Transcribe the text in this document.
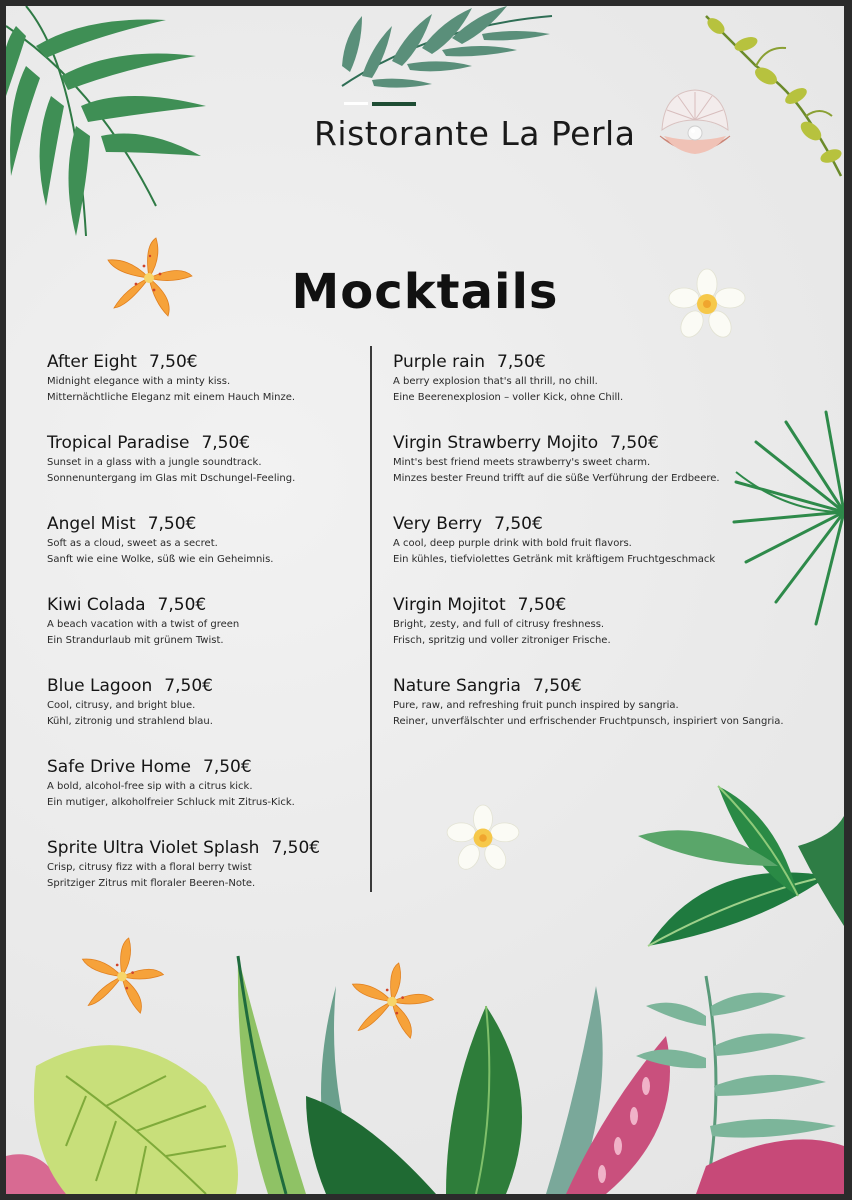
Ristorante La Perla
Mocktails
After Eight 7,50€
Midnight elegance with a minty kiss.
Mitternächtliche Eleganz mit einem Hauch Minze.
Tropical Paradise 7,50€
Sunset in a glass with a jungle soundtrack.
Sonnenuntergang im Glas mit Dschungel-Feeling.
Angel Mist 7,50€
Soft as a cloud, sweet as a secret.
Sanft wie eine Wolke, süß wie ein Geheimnis.
Kiwi Colada 7,50€
A beach vacation with a twist of green
Ein Strandurlaub mit grünem Twist.
Blue Lagoon 7,50€
Cool, citrusy, and bright blue.
Kühl, zitronig und strahlend blau.
Safe Drive Home 7,50€
A bold, alcohol-free sip with a citrus kick.
Ein mutiger, alkoholfreier Schluck mit Zitrus-Kick.
Sprite Ultra Violet Splash 7,50€
Crisp, citrusy fizz with a floral berry twist
Spritziger Zitrus mit floraler Beeren-Note.
Purple rain 7,50€
A berry explosion that's all thrill, no chill.
Eine Beerenexplosion – voller Kick, ohne Chill.
Virgin Strawberry Mojito 7,50€
Mint's best friend meets strawberry's sweet charm.
Minzes bester Freund trifft auf die süße Verführung der Erdbeere.
Very Berry 7,50€
A cool, deep purple drink with bold fruit flavors.
Ein kühles, tiefviolettes Getränk mit kräftigem Fruchtgeschmack
Virgin Mojitot 7,50€
Bright, zesty, and full of citrusy freshness.
Frisch, spritzig und voller zitroniger Frische.
Nature Sangria 7,50€
Pure, raw, and refreshing fruit punch inspired by sangria.
Reiner, unverfälschter und erfrischender Fruchtpunsch, inspiriert von Sangria.
